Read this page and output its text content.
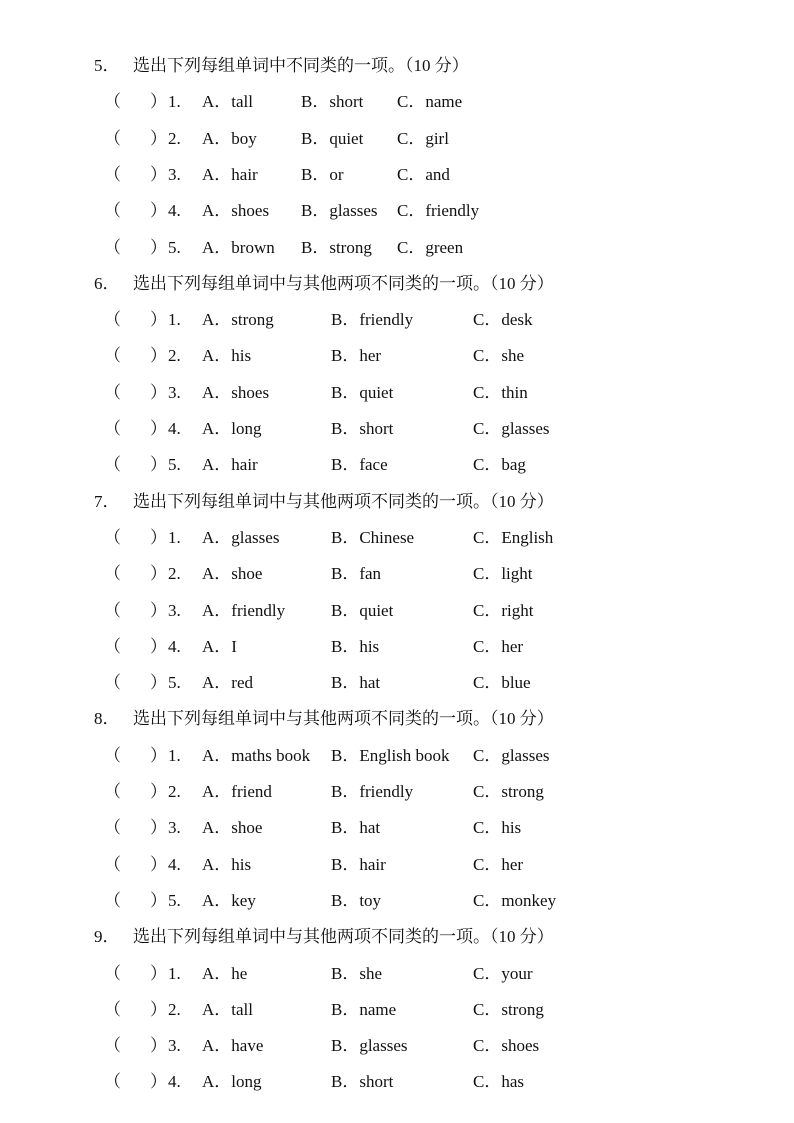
5． 选出下列每组单词中不同类的一项。（10 分）
（ ） 1. A．tall	B．short C．name
（ ） 2. A．boy	B．quiet C．girl
（ ） 3. A．hair	B．or	C．and
（ ） 4. A．shoes B．glasses C．friendly
（ ） 5. A．brown B．strong C．green
6． 选出下列每组单词中与其他两项不同类的一项。（10 分）
（ ） 1. A．strong	B．friendly	C．desk
（ ） 2. A．his	B．her	C．she
（ ） 3. A．shoes	B．quiet	C．thin
（ ） 4. A．long	B．short	C．glasses
（ ） 5. A．hair	B．face	C．bag
7． 选出下列每组单词中与其他两项不同类的一项。（10 分）
（ ） 1. A．glasses	B．Chinese	C．English
（ ） 2. A．shoe	B．fan	C．light
（ ） 3. A．friendly	B．quiet	C．right
（ ） 4. A．I	B．his	C．her
（ ） 5. A．red	B．hat	C．blue
8． 选出下列每组单词中与其他两项不同类的一项。（10 分）
（ ） 1. A．maths book B．English book C．glasses
（ ） 2. A．friend	B．friendly	C．strong
（ ） 3. A．shoe	B．hat	C．his
（ ） 4. A．his	B．hair	C．her
（ ） 5. A．key	B．toy	C．monkey
9． 选出下列每组单词中与其他两项不同类的一项。（10 分）
（ ） 1. A．he	B．she	C．your
（ ） 2. A．tall	B．name	C．strong
（ ） 3. A．have	B．glasses	C．shoes
（ ） 4. A．long	B．short	C．has
